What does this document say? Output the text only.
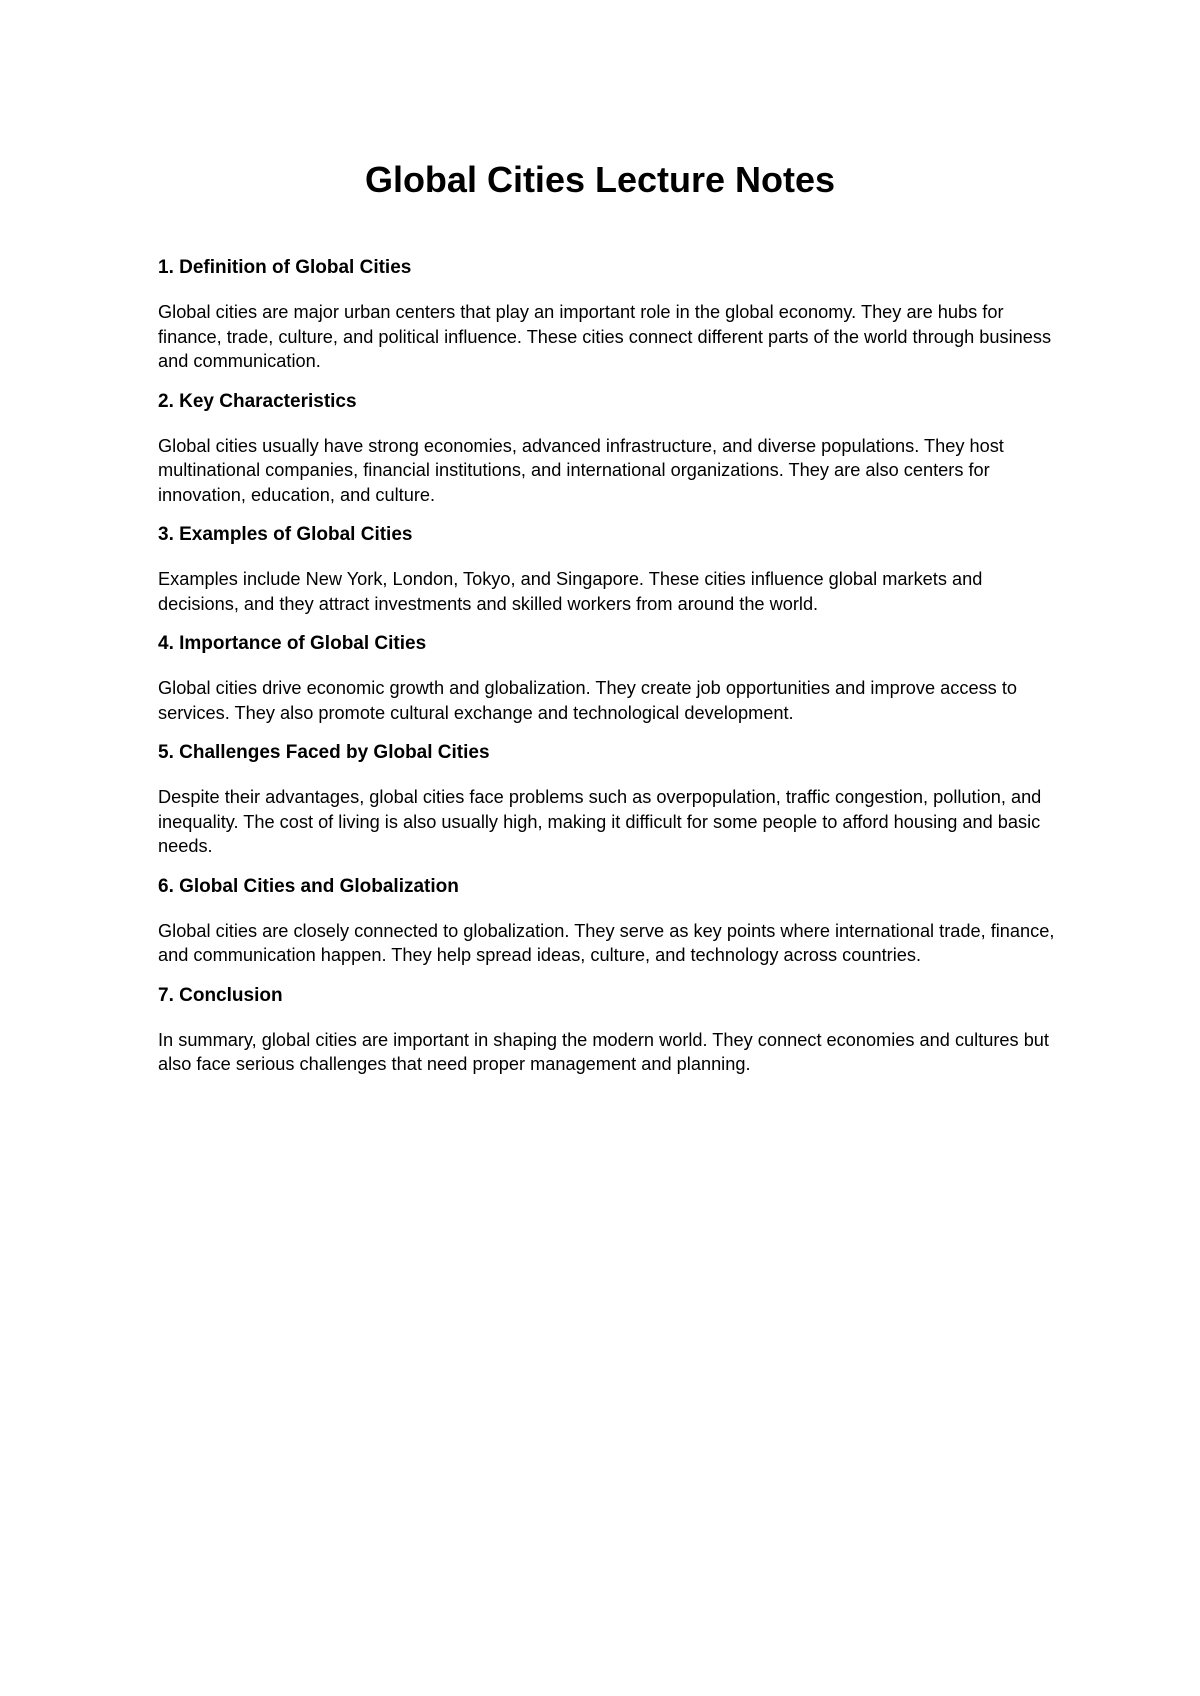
Global Cities Lecture Notes
1. Definition of Global Cities

Global cities are major urban centers that play an important role in the global economy. They are hubs for finance, trade, culture, and political influence. These cities connect different parts of the world through business and communication.

2. Key Characteristics

Global cities usually have strong economies, advanced infrastructure, and diverse populations. They host multinational companies, financial institutions, and international organizations. They are also centers for innovation, education, and culture.

3. Examples of Global Cities

Examples include New York, London, Tokyo, and Singapore. These cities influence global markets and decisions, and they attract investments and skilled workers from around the world.

4. Importance of Global Cities

Global cities drive economic growth and globalization. They create job opportunities and improve access to services. They also promote cultural exchange and technological development.

5. Challenges Faced by Global Cities

Despite their advantages, global cities face problems such as overpopulation, traffic congestion, pollution, and inequality. The cost of living is also usually high, making it difficult for some people to afford housing and basic needs.

6. Global Cities and Globalization

Global cities are closely connected to globalization. They serve as key points where international trade, finance, and communication happen. They help spread ideas, culture, and technology across countries.

7. Conclusion

In summary, global cities are important in shaping the modern world. They connect economies and cultures but also face serious challenges that need proper management and planning.
